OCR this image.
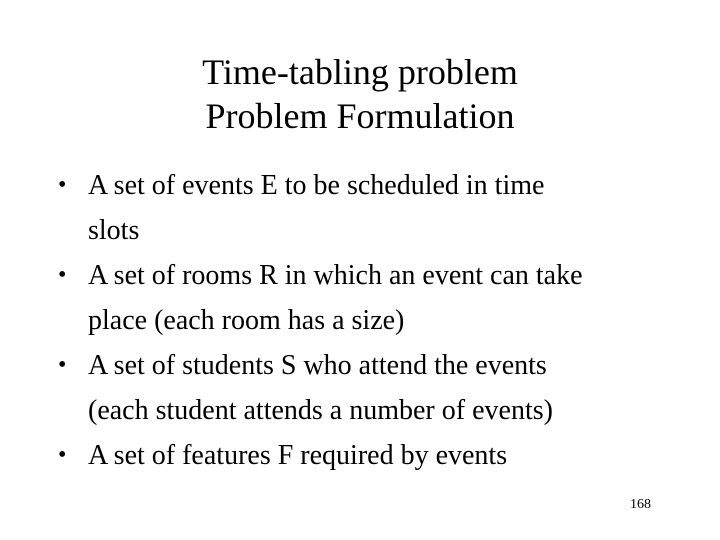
Time-tabling problem
Problem Formulation
• A set of events E to be scheduled in time
slots
• A set of rooms R in which an event can take
place (each room has a size)
• A set of students S who attend the events
(each student attends a number of events)
• A set of features F required by events
168
